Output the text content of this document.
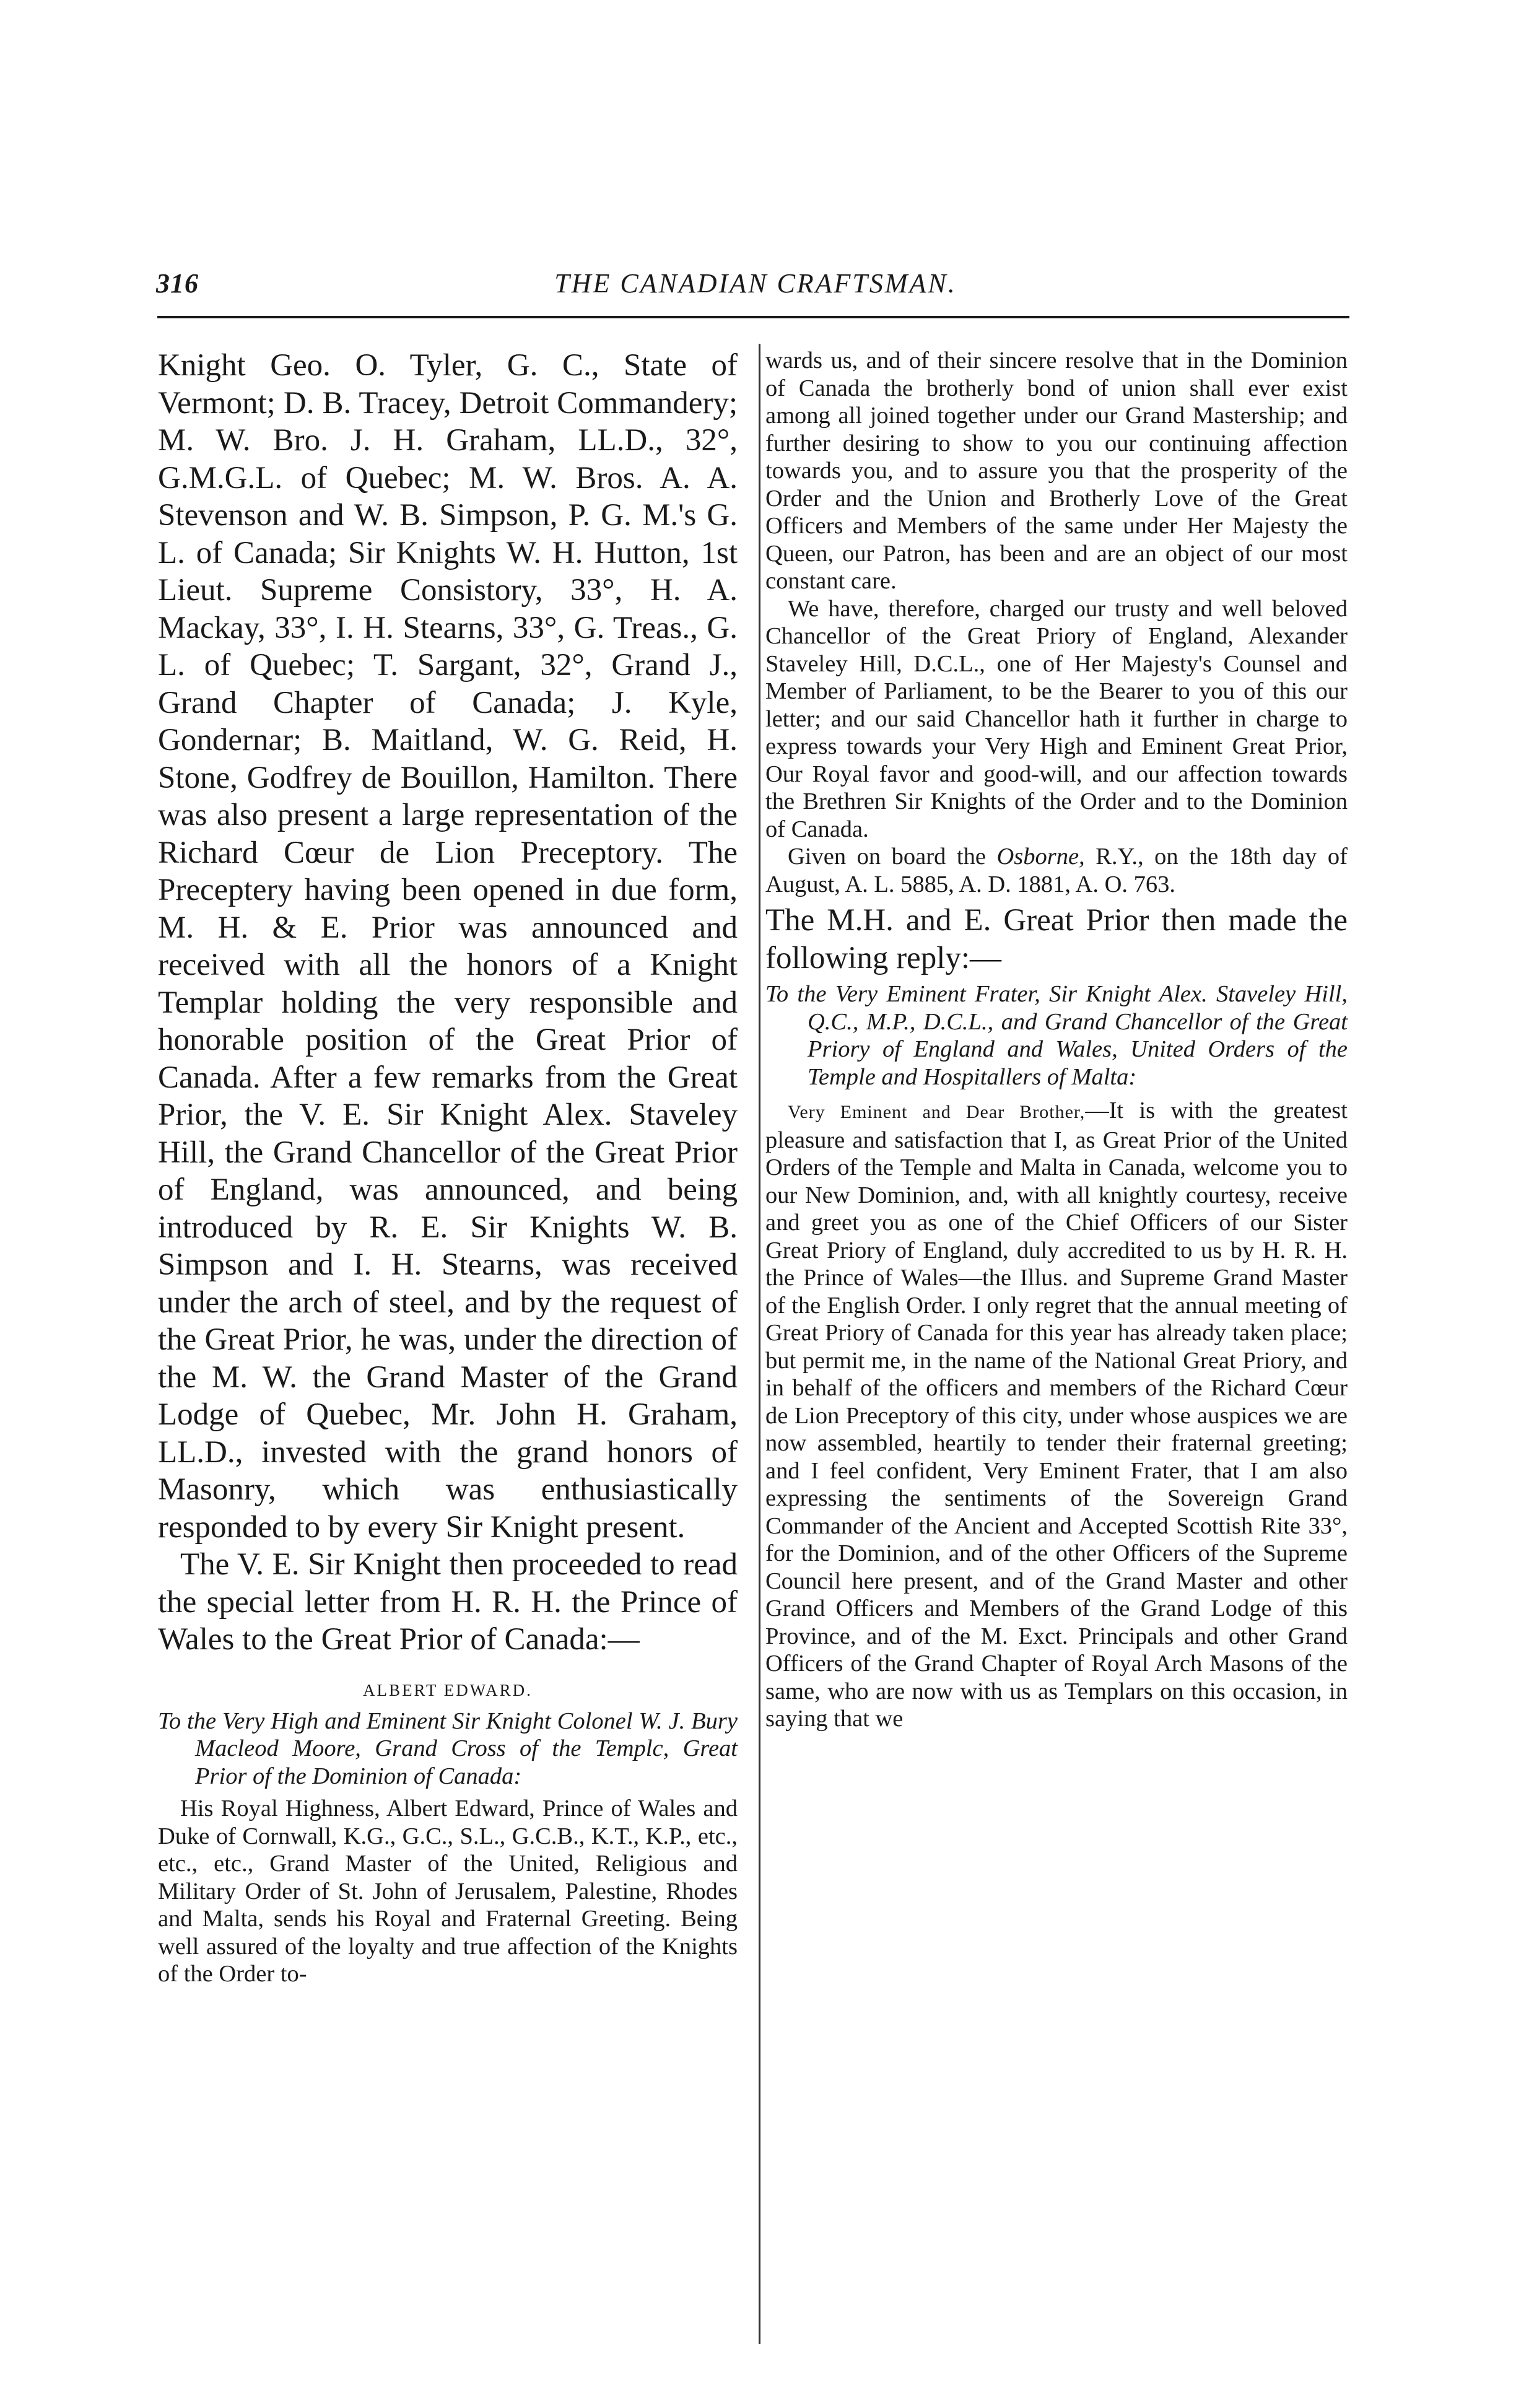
316	THE CANADIAN CRAFTSMAN.

Knight Geo. O. Tyler, G. C., State of Vermont; D. B. Tracey, Detroit Commandery; M. W. Bro. J. H. Graham, LL.D., 32°, G.M.G.L. of Quebec; M. W. Bros. A. A. Stevenson and W. B. Simpson, P. G. M.'s G. L. of Canada; Sir Knights W. H. Hutton, 1st Lieut. Supreme Consistory, 33°, H. A. Mackay, 33°, I. H. Stearns, 33°, G. Treas., G. L. of Quebec; T. Sargant, 32°, Grand J., Grand Chapter of Canada; J. Kyle, Gondernar; B. Maitland, W. G. Reid, H. Stone, Godfrey de Bouillon, Hamilton. There was also present a large representation of the Richard Cœur de Lion Preceptory. The Preceptery having been opened in due form, M. H. & E. Prior was announced and received with all the honors of a Knight Templar holding the very responsible and honorable position of the Great Prior of Canada. After a few remarks from the Great Prior, the V. E. Sir Knight Alex. Staveley Hill, the Grand Chancellor of the Great Prior of England, was announced, and being introduced by R. E. Sir Knights W. B. Simpson and I. H. Stearns, was received under the arch of steel, and by the request of the Great Prior, he was, under the direction of the M. W. the Grand Master of the Grand Lodge of Quebec, Mr. John H. Graham, LL.D., invested with the grand honors of Masonry, which was enthusiastically responded to by every Sir Knight present.

The V. E. Sir Knight then proceeded to read the special letter from H. R. H. the Prince of Wales to the Great Prior of Canada:—

ALBERT EDWARD.

To the Very High and Eminent Sir Knight Colonel W. J. Bury Macleod Moore, Grand Cross of the Templc, Great Prior of the Dominion of Canada:

His Royal Highness, Albert Edward, Prince of Wales and Duke of Cornwall, K.G., G.C., S.L., G.C.B., K.T., K.P., etc., etc., etc., Grand Master of the United, Religious and Military Order of St. John of Jerusalem, Palestine, Rhodes and Malta, sends his Royal and Fraternal Greeting. Being well assured of the loyalty and true affection of the Knights of the Order to-

wards us, and of their sincere resolve that in the Dominion of Canada the brotherly bond of union shall ever exist among all joined together under our Grand Mastership; and further desiring to show to you our continuing affection towards you, and to assure you that the prosperity of the Order and the Union and Brotherly Love of the Great Officers and Members of the same under Her Majesty the Queen, our Patron, has been and are an object of our most constant care.

We have, therefore, charged our trusty and well beloved Chancellor of the Great Priory of England, Alexander Staveley Hill, D.C.L., one of Her Majesty's Counsel and Member of Parliament, to be the Bearer to you of this our letter; and our said Chancellor hath it further in charge to express towards your Very High and Eminent Great Prior, Our Royal favor and good-will, and our affection towards the Brethren Sir Knights of the Order and to the Dominion of Canada.

Given on board the Osborne, R.Y., on the 18th day of August, A. L. 5885, A. D. 1881, A. O. 763.

The M.H. and E. Great Prior then made the following reply:—

To the Very Eminent Frater, Sir Knight Alex. Staveley Hill, Q.C., M.P., D.C.L., and Grand Chancellor of the Great Priory of England and Wales, United Orders of the Temple and Hospitallers of Malta:

Very Eminent and Dear Brother,—It is with the greatest pleasure and satisfaction that I, as Great Prior of the United Orders of the Temple and Malta in Canada, welcome you to our New Dominion, and, with all knightly courtesy, receive and greet you as one of the Chief Officers of our Sister Great Priory of England, duly accredited to us by H. R. H. the Prince of Wales—the Illus. and Supreme Grand Master of the English Order. I only regret that the annual meeting of Great Priory of Canada for this year has already taken place; but permit me, in the name of the National Great Priory, and in behalf of the officers and members of the Richard Cœur de Lion Preceptory of this city, under whose auspices we are now assembled, heartily to tender their fraternal greeting; and I feel confident, Very Eminent Frater, that I am also expressing the sentiments of the Sovereign Grand Commander of the Ancient and Accepted Scottish Rite 33°, for the Dominion, and of the other Officers of the Supreme Council here present, and of the Grand Master and other Grand Officers and Members of the Grand Lodge of this Province, and of the M. Exct. Principals and other Grand Officers of the Grand Chapter of Royal Arch Masons of the same, who are now with us as Templars on this occasion, in saying that we
